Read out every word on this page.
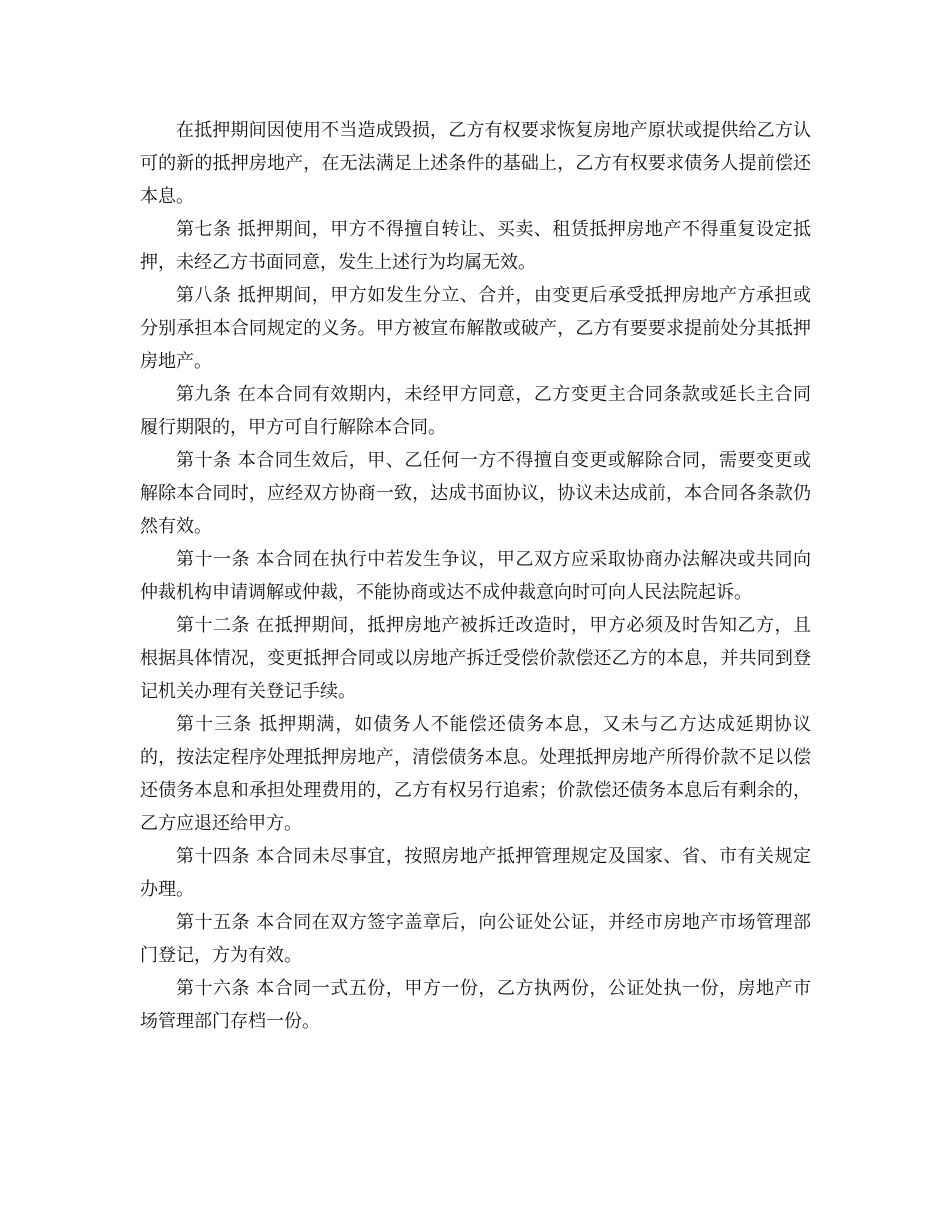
在抵押期间因使用不当造成毁损，乙方有权要求恢复房地产原状或提供给乙方认可的新的抵押房地产，在无法满足上述条件的基础上，乙方有权要求债务人提前偿还本息。

第七条 抵押期间，甲方不得擅自转让、买卖、租赁抵押房地产不得重复设定抵押，未经乙方书面同意，发生上述行为均属无效。

第八条 抵押期间，甲方如发生分立、合并，由变更后承受抵押房地产方承担或分别承担本合同规定的义务。甲方被宣布解散或破产，乙方有要要求提前处分其抵押房地产。

第九条 在本合同有效期内，未经甲方同意，乙方变更主合同条款或延长主合同履行期限的，甲方可自行解除本合同。

第十条 本合同生效后，甲、乙任何一方不得擅自变更或解除合同，需要变更或解除本合同时，应经双方协商一致，达成书面协议，协议未达成前，本合同各条款仍然有效。

第十一条 本合同在执行中若发生争议，甲乙双方应采取协商办法解决或共同向仲裁机构申请调解或仲裁，不能协商或达不成仲裁意向时可向人民法院起诉。

第十二条 在抵押期间，抵押房地产被拆迁改造时，甲方必须及时告知乙方，且根据具体情况，变更抵押合同或以房地产拆迁受偿价款偿还乙方的本息，并共同到登记机关办理有关登记手续。

第十三条 抵押期满，如债务人不能偿还债务本息，又未与乙方达成延期协议的，按法定程序处理抵押房地产，清偿债务本息。处理抵押房地产所得价款不足以偿还债务本息和承担处理费用的，乙方有权另行追索；价款偿还债务本息后有剩余的，乙方应退还给甲方。

第十四条 本合同未尽事宜，按照房地产抵押管理规定及国家、省、市有关规定办理。

第十五条 本合同在双方签字盖章后，向公证处公证，并经市房地产市场管理部门登记，方为有效。

第十六条 本合同一式五份，甲方一份，乙方执两份，公证处执一份，房地产市场管理部门存档一份。
